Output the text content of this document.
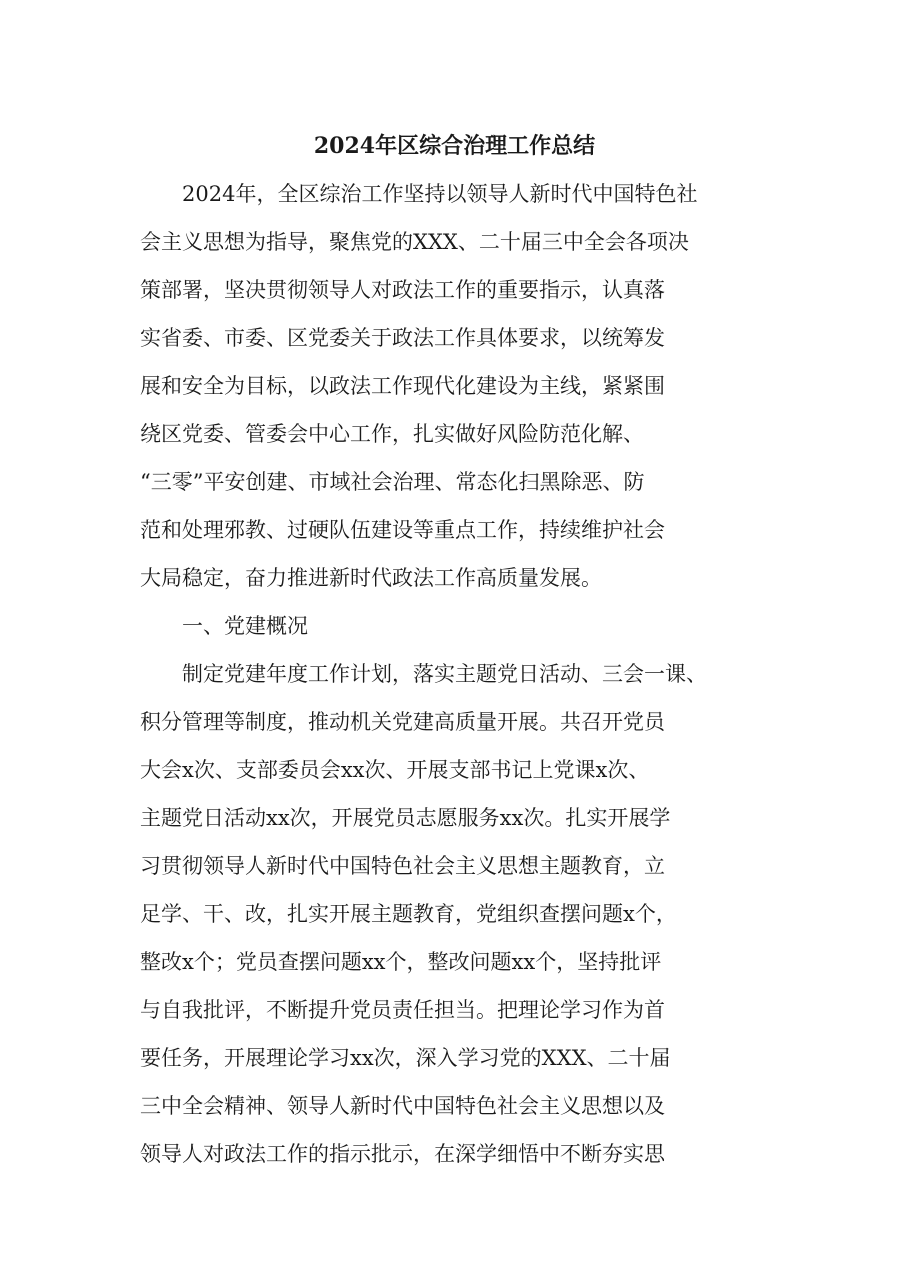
2024年区综合治理工作总结
2024年，全区综治工作坚持以领导人新时代中国特色社
会主义思想为指导，聚焦党的XXX、二十届三中全会各项决
策部署，坚决贯彻领导人对政法工作的重要指示，认真落
实省委、市委、区党委关于政法工作具体要求，以统筹发
展和安全为目标，以政法工作现代化建设为主线，紧紧围
绕区党委、管委会中心工作，扎实做好风险防范化解、
“三零”平安创建、市域社会治理、常态化扫黑除恶、防
范和处理邪教、过硬队伍建设等重点工作，持续维护社会
大局稳定，奋力推进新时代政法工作高质量发展。
一、党建概况
制定党建年度工作计划，落实主题党日活动、三会一课、
积分管理等制度，推动机关党建高质量开展。共召开党员
大会x次、支部委员会xx次、开展支部书记上党课x次、
主题党日活动xx次，开展党员志愿服务xx次。扎实开展学
习贯彻领导人新时代中国特色社会主义思想主题教育，立
足学、干、改，扎实开展主题教育，党组织查摆问题x个，
整改x个；党员查摆问题xx个，整改问题xx个，坚持批评
与自我批评，不断提升党员责任担当。把理论学习作为首
要任务，开展理论学习xx次，深入学习党的XXX、二十届
三中全会精神、领导人新时代中国特色社会主义思想以及
领导人对政法工作的指示批示，在深学细悟中不断夯实思
